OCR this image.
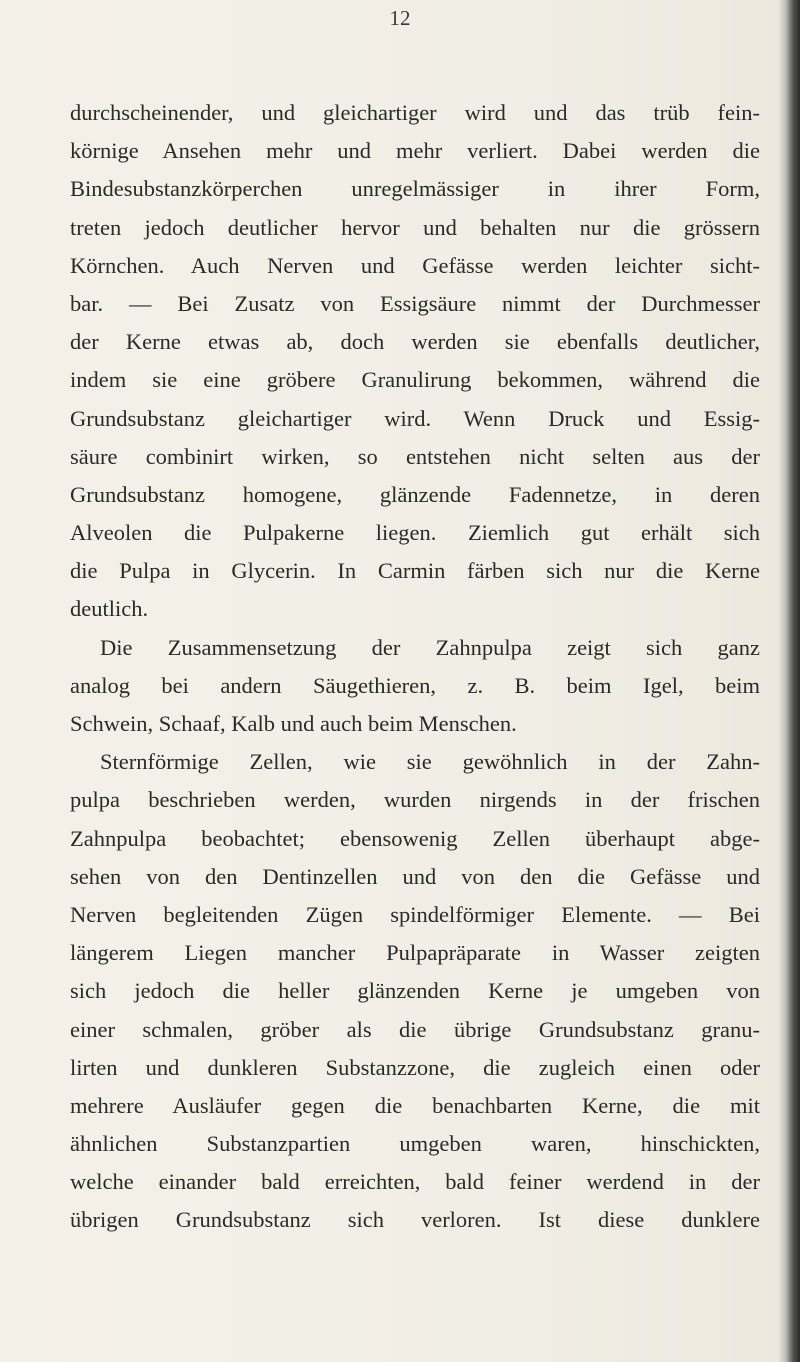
12
durchscheinender, und gleichartiger wird und das trüb fein-
körnige Ansehen mehr und mehr verliert. Dabei werden die
Bindesubstanzkörperchen unregelmässiger in ihrer Form,
treten jedoch deutlicher hervor und behalten nur die grössern
Körnchen. Auch Nerven und Gefässe werden leichter sicht-
bar. — Bei Zusatz von Essigsäure nimmt der Durchmesser
der Kerne etwas ab, doch werden sie ebenfalls deutlicher,
indem sie eine gröbere Granulirung bekommen, während die
Grundsubstanz gleichartiger wird. Wenn Druck und Essig-
säure combinirt wirken, so entstehen nicht selten aus der
Grundsubstanz homogene, glänzende Fadennetze, in deren
Alveolen die Pulpakerne liegen. Ziemlich gut erhält sich
die Pulpa in Glycerin. In Carmin färben sich nur die Kerne
deutlich.
Die Zusammensetzung der Zahnpulpa zeigt sich ganz
analog bei andern Säugethieren, z. B. beim Igel, beim
Schwein, Schaaf, Kalb und auch beim Menschen.
Sternförmige Zellen, wie sie gewöhnlich in der Zahn-
pulpa beschrieben werden, wurden nirgends in der frischen
Zahnpulpa beobachtet; ebensowenig Zellen überhaupt abge-
sehen von den Dentinzellen und von den die Gefässe und
Nerven begleitenden Zügen spindelförmiger Elemente. — Bei
längerem Liegen mancher Pulpapräparate in Wasser zeigten
sich jedoch die heller glänzenden Kerne je umgeben von
einer schmalen, gröber als die übrige Grundsubstanz granu-
lirten und dunkleren Substanzzone, die zugleich einen oder
mehrere Ausläufer gegen die benachbarten Kerne, die mit
ähnlichen Substanzpartien umgeben waren, hinschickten,
welche einander bald erreichten, bald feiner werdend in der
übrigen Grundsubstanz sich verloren. Ist diese dunklere
